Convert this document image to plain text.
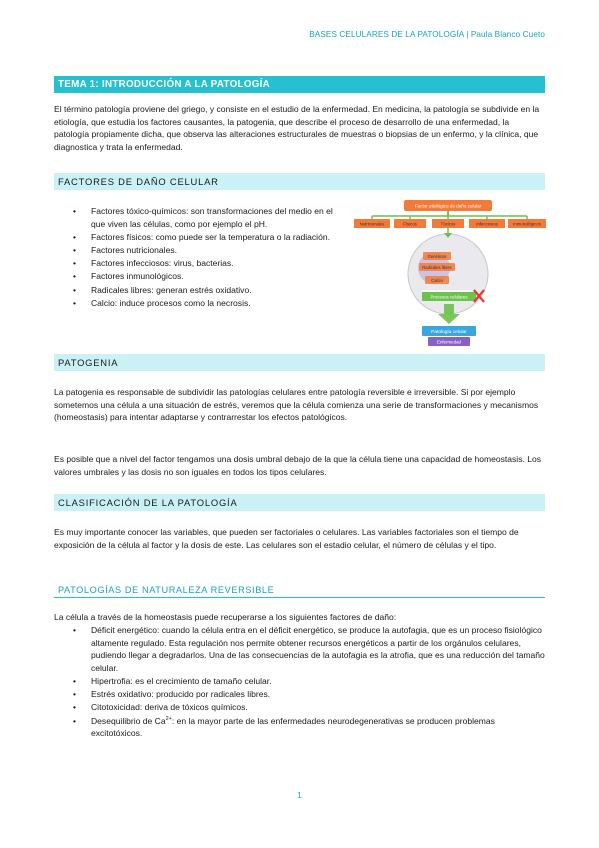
BASES CELULARES DE LA PATOLOGÍA | Paula Blanco Cueto
TEMA 1: INTRODUCCIÓN A LA PATOLOGÍA

El término patología proviene del griego, y consiste en el estudio de la enfermedad. En medicina, la patología se subdivide en la etiología, que estudia los factores causantes, la patogenia, que describe el proceso de desarrollo de una enfermedad, la patología propiamente dicha, que observa las alteraciones estructurales de muestras o biopsias de un enfermo, y la clínica, que diagnostica y trata la enfermedad.

FACTORES DE DAÑO CELULAR
• Factores tóxico-químicos: son transformaciones del medio en el que viven las células, como por ejemplo el pH.
• Factores físicos: como puede ser la temperatura o la radiación.
• Factores nutricionales.
• Factores infecciosos: virus, bacterias.
• Factores inmunológicos.
• Radicales libres: generan estrés oxidativo.
• Calcio: induce procesos como la necrosis.
Factor etiológico de daño celular
Nutricionales	Físicos	Tóxicos	Infecciosos	Inmunológicos
Genéticos
Radicales libres
Calcio
Procesos celulares
Patología celular
Enfermedad
PATOGENIA

La patogenia es responsable de subdividir las patologías celulares entre patología reversible e irreversible. Si por ejemplo sometemos una célula a una situación de estrés, veremos que la célula comienza una serie de transformaciones y mecanismos (homeostasis) para intentar adaptarse y contrarrestar los efectos patológicos.

Es posible que a nivel del factor tengamos una dosis umbral debajo de la que la célula tiene una capacidad de homeostasis. Los valores umbrales y las dosis no son iguales en todos los tipos celulares.

CLASIFICACIÓN DE LA PATOLOGÍA

Es muy importante conocer las variables, que pueden ser factoriales o celulares. Las variables factoriales son el tiempo de exposición de la célula al factor y la dosis de este. Las celulares son el estadio celular, el número de células y el tipo.

PATOLOGÍAS DE NATURALEZA REVERSIBLE

La célula a través de la homeostasis puede recuperarse a los siguientes factores de daño:

• Déficit energético: cuando la célula entra en el déficit energético, se produce la autofagia, que es un proceso fisiológico altamente regulado. Esta regulación nos permite obtener recursos energéticos a partir de los orgánulos celulares, pudiendo llegar a degradarlos. Una de las consecuencias de la autofagia es la atrofia, que es una reducción del tamaño celular.
• Hipertrofia: es el crecimiento de tamaño celular.
• Estrés oxidativo: producido por radicales libres.
• Citotoxicidad: deriva de tóxicos químicos.
• Desequilibrio de $Ca^{2+}$: en la mayor parte de las enfermedades neurodegenerativas se producen problemas excitotóxicos.
1
